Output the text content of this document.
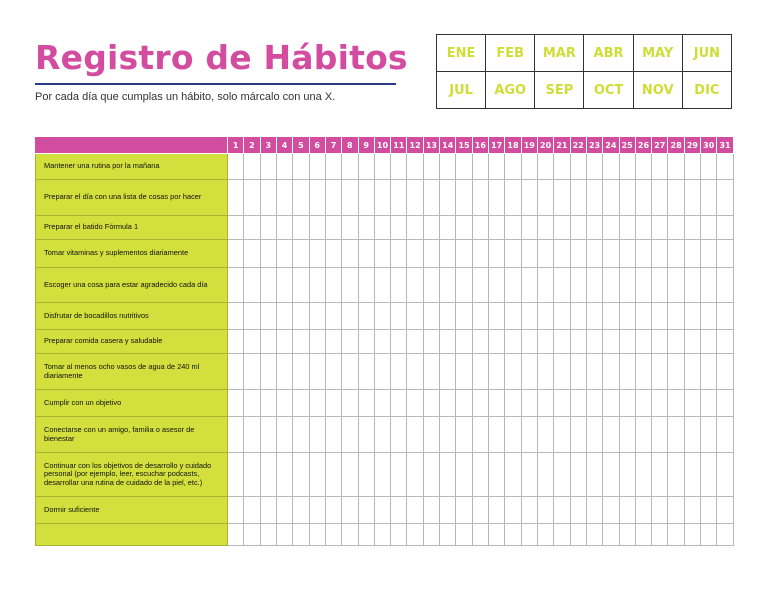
Registro de Hábitos
Por cada día que cumplas un hábito, solo márcalo con una X.
ENE	FEB	MAR	ABR	MAY	JUN
JUL	AGO	SEP	OCT	NOV	DIC
	1	2	3	4	5	6	7	8	9	10	11	12	13	14	15	16	17	18	19	20	21	22	23	24	25	26	27	28	29	30	31
Mantener una rutina por la mañana																															
Preparar el día con una lista de cosas por hacer																															
Preparar el batido Fórmula 1																															
Tomar vitaminas y suplementos diariamente																															
Escoger una cosa para estar agradecido cada día																															
Disfrutar de bocadillos nutritivos																															
Preparar comida casera y saludable																															
Tomar al menos ocho vasos de agua de 240 ml diariamente																															
Cumplir con un objetivo																															
Conectarse con un amigo, familia o asesor de bienestar																															
Continuar con los objetivos de desarrollo y cuidado personal (por ejemplo, leer, escuchar podcasts, desarrollar una rutina de cuidado de la piel, etc.)																															
Dormir suficiente																															
